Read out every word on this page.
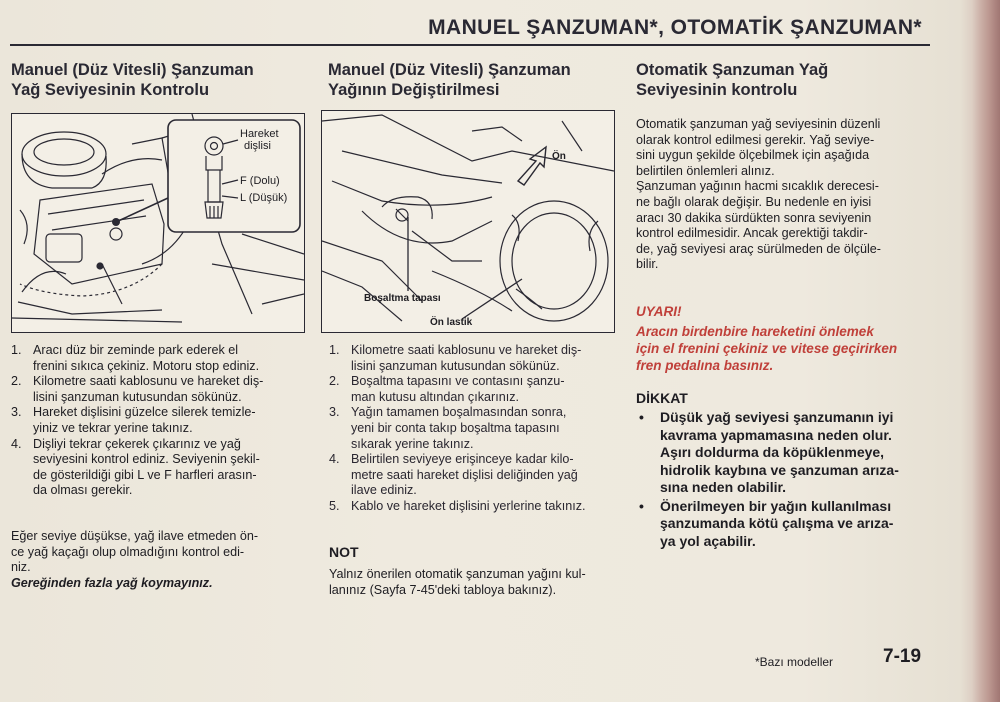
MANUEL ŞANZUMAN*, OTOMATİK ŞANZUMAN*

Manuel (Düz Vitesli) Şanzuman

Yağ Seviyesinin Kontrolu

Hareket
dişlisi
F (Dolu)
L (Düşük)
1. Aracı düz bir zeminde park ederek el
frenini sıkıca çekiniz. Motoru stop ediniz.
2. Kilometre saati kablosunu ve hareket diş-
lisini şanzuman kutusundan sökünüz.
3. Hareket dişlisini güzelce silerek temizle-
yiniz ve tekrar yerine takınız.
4. Dişliyi tekrar çekerek çıkarınız ve yağ
seviyesini kontrol ediniz. Seviyenin şekil-
de gösterildiği gibi L ve F harfleri arasın-
da olması gerekir.
Eğer seviye düşükse, yağ ilave etmeden ön-
ce yağ kaçağı olup olmadığını kontrol edi-
niz.
Gereğinden fazla yağ koymayınız.

Manuel (Düz Vitesli) Şanzuman

Yağının Değiştirilmesi

Ön
Boşaltma tapası
Ön lastik
1. Kilometre saati kablosunu ve hareket diş-
lisini şanzuman kutusundan sökünüz.
2. Boşaltma tapasını ve contasını şanzu-
man kutusu altından çıkarınız.
3. Yağın tamamen boşalmasından sonra,
yeni bir conta takıp boşaltma tapasını
sıkarak yerine takınız.
4. Belirtilen seviyeye erişinceye kadar kilo-
metre saati hareket dişlisi deliğinden yağ
ilave ediniz.
5. Kablo ve hareket dişlisini yerlerine takınız.
NOT
Yalnız önerilen otomatik şanzuman yağını kul-
lanınız (Sayfa 7-45'deki tabloya bakınız).

Otomatik Şanzuman Yağ

Seviyesinin kontrolu

Otomatik şanzuman yağ seviyesinin düzenli
olarak kontrol edilmesi gerekir. Yağ seviye-
sini uygun şekilde ölçebilmek için aşağıda
belirtilen önlemleri alınız.
Şanzuman yağının hacmi sıcaklık derecesi-
ne bağlı olarak değişir. Bu nedenle en iyisi
aracı 30 dakika sürdükten sonra seviyenin
kontrol edilmesidir. Ancak gerektiği takdir-
de, yağ seviyesi araç sürülmeden de ölçüle-
bilir.
UYARI!
Aracın birdenbire hareketini önlemek
için el frenini çekiniz ve vitese geçirirken
fren pedalına basınız.
DİKKAT
• Düşük yağ seviyesi şanzumanın iyi
kavrama yapmamasına neden olur.
Aşırı doldurma da köpüklenmeye,
hidrolik kaybına ve şanzuman arıza-
sına neden olabilir.
• Önerilmeyen bir yağın kullanılması
şanzumanda kötü çalışma ve arıza-
ya yol açabilir.
*Bazı modeller	7-19
